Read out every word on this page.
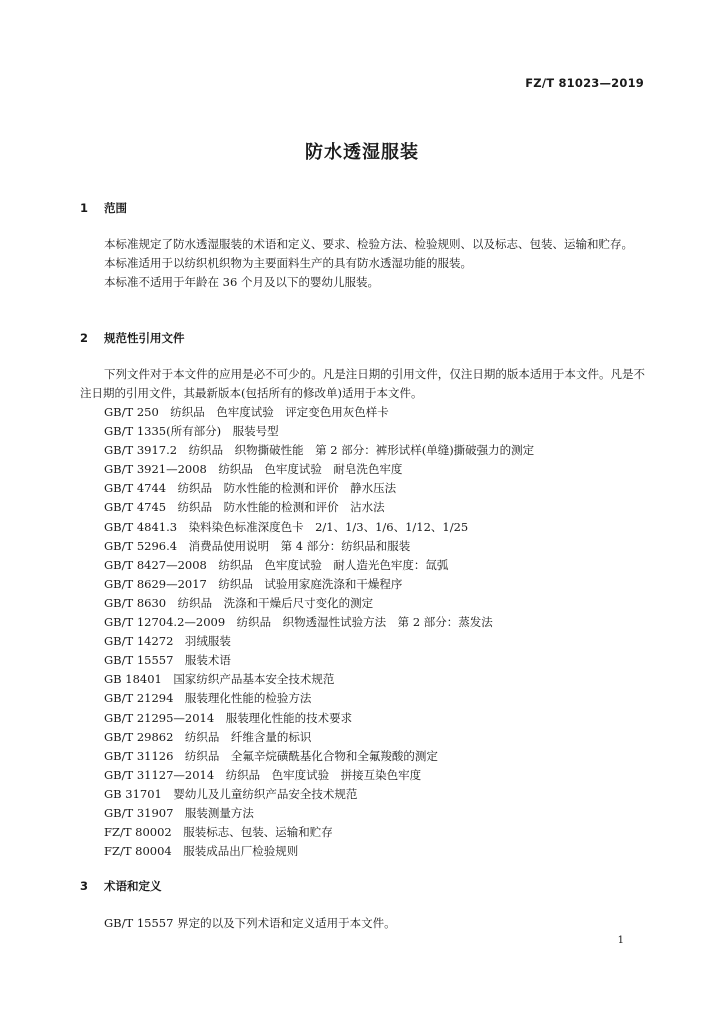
FZ/T 81023—2019
防水透湿服装
1 范围

本标准规定了防水透湿服装的术语和定义、要求、检验方法、检验规则、以及标志、包装、运输和贮存。

本标准适用于以纺织机织物为主要面料生产的具有防水透湿功能的服装。

本标准不适用于年龄在 36 个月及以下的婴幼儿服装。

2 规范性引用文件

下列文件对于本文件的应用是必不可少的。凡是注日期的引用文件，仅注日期的版本适用于本文件。凡是不注日期的引用文件，其最新版本(包括所有的修改单)适用于本文件。

GB/T 250　纺织品　色牢度试验　评定变色用灰色样卡
GB/T 1335(所有部分)　服装号型
GB/T 3917.2　纺织品　织物撕破性能　第 2 部分：裤形试样(单缝)撕破强力的测定
GB/T 3921—2008　纺织品　色牢度试验　耐皂洗色牢度
GB/T 4744　纺织品　防水性能的检测和评价　静水压法
GB/T 4745　纺织品　防水性能的检测和评价　沾水法
GB/T 4841.3　染料染色标准深度色卡　2/1、1/3、1/6、1/12、1/25
GB/T 5296.4　消费品使用说明　第 4 部分：纺织品和服装
GB/T 8427—2008　纺织品　色牢度试验　耐人造光色牢度：氙弧
GB/T 8629—2017　纺织品　试验用家庭洗涤和干燥程序
GB/T 8630　纺织品　洗涤和干燥后尺寸变化的测定
GB/T 12704.2—2009　纺织品　织物透湿性试验方法　第 2 部分：蒸发法
GB/T 14272　羽绒服装
GB/T 15557　服装术语
GB 18401　国家纺织产品基本安全技术规范
GB/T 21294　服装理化性能的检验方法
GB/T 21295—2014　服装理化性能的技术要求
GB/T 29862　纺织品　纤维含量的标识
GB/T 31126　纺织品　全氟辛烷磺酰基化合物和全氟羧酸的测定
GB/T 31127—2014　纺织品　色牢度试验　拼接互染色牢度
GB 31701　婴幼儿及儿童纺织产品安全技术规范
GB/T 31907　服装测量方法
FZ/T 80002　服装标志、包装、运输和贮存
FZ/T 80004　服装成品出厂检验规则
3 术语和定义

GB/T 15557 界定的以及下列术语和定义适用于本文件。

1
